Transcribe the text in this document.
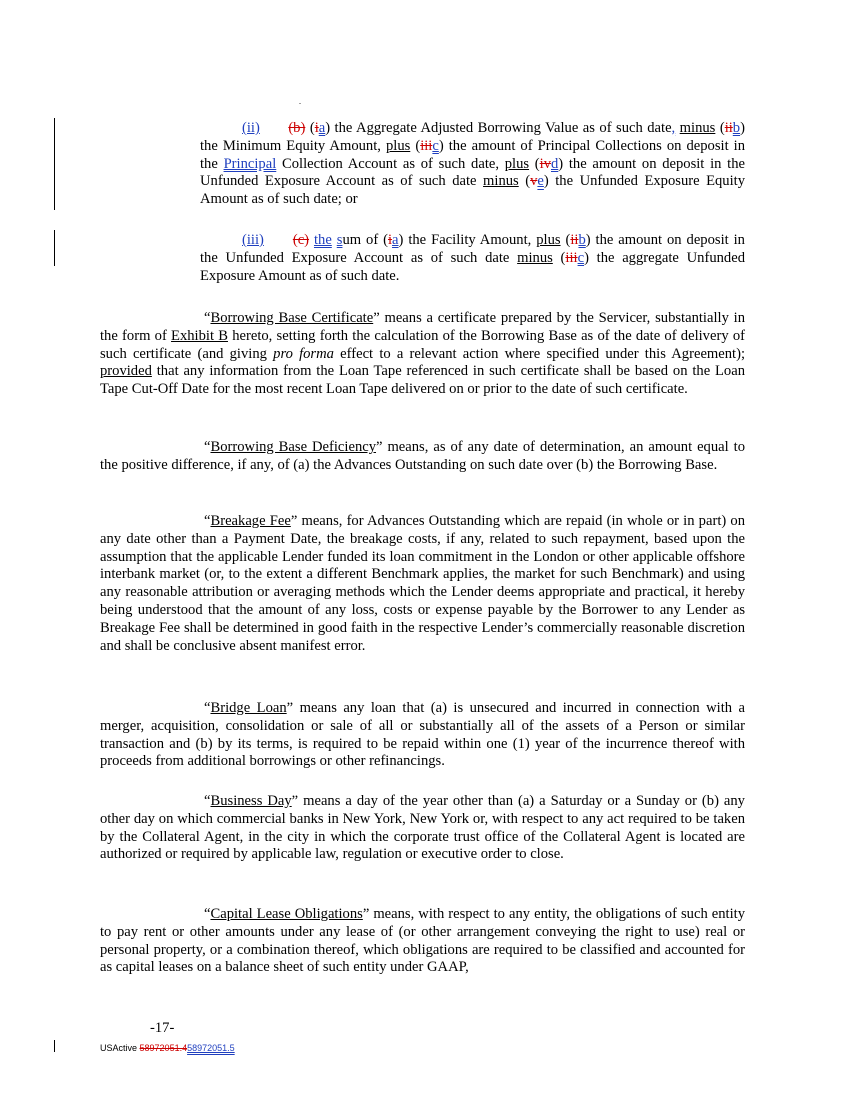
.
(ii) (b) (ia) the Aggregate Adjusted Borrowing Value as of such date, minus (iib) the Minimum Equity Amount, plus (iiic) the amount of Principal Collections on deposit in the Principal Collection Account as of such date, plus (ivd) the amount on deposit in the Unfunded Exposure Account as of such date minus (ve) the Unfunded Exposure Equity Amount as of such date; or
(iii) (c) the sum of (ia) the Facility Amount, plus (iib) the amount on deposit in the Unfunded Exposure Account as of such date minus (iiic) the aggregate Unfunded Exposure Amount as of such date.
“Borrowing Base Certificate” means a certificate prepared by the Servicer, substantially in the form of Exhibit B hereto, setting forth the calculation of the Borrowing Base as of the date of delivery of such certificate (and giving pro forma effect to a relevant action where specified under this Agreement); provided that any information from the Loan Tape referenced in such certificate shall be based on the Loan Tape Cut-Off Date for the most recent Loan Tape delivered on or prior to the date of such certificate.
“Borrowing Base Deficiency” means, as of any date of determination, an amount equal to the positive difference, if any, of (a) the Advances Outstanding on such date over (b) the Borrowing Base.
“Breakage Fee” means, for Advances Outstanding which are repaid (in whole or in part) on any date other than a Payment Date, the breakage costs, if any, related to such repayment, based upon the assumption that the applicable Lender funded its loan commitment in the London or other applicable offshore interbank market (or, to the extent a different Benchmark applies, the market for such Benchmark) and using any reasonable attribution or averaging methods which the Lender deems appropriate and practical, it hereby being understood that the amount of any loss, costs or expense payable by the Borrower to any Lender as Breakage Fee shall be determined in good faith in the respective Lender’s commercially reasonable discretion and shall be conclusive absent manifest error.
“Bridge Loan” means any loan that (a) is unsecured and incurred in connection with a merger, acquisition, consolidation or sale of all or substantially all of the assets of a Person or similar transaction and (b) by its terms, is required to be repaid within one (1) year of the incurrence thereof with proceeds from additional borrowings or other refinancings.
“Business Day” means a day of the year other than (a) a Saturday or a Sunday or (b) any other day on which commercial banks in New York, New York or, with respect to any act required to be taken by the Collateral Agent, in the city in which the corporate trust office of the Collateral Agent is located are authorized or required by applicable law, regulation or executive order to close.
“Capital Lease Obligations” means, with respect to any entity, the obligations of such entity to pay rent or other amounts under any lease of (or other arrangement conveying the right to use) real or personal property, or a combination thereof, which obligations are required to be classified and accounted for as capital leases on a balance sheet of such entity under GAAP,
-17-
USActive 58972051.458972051.5
